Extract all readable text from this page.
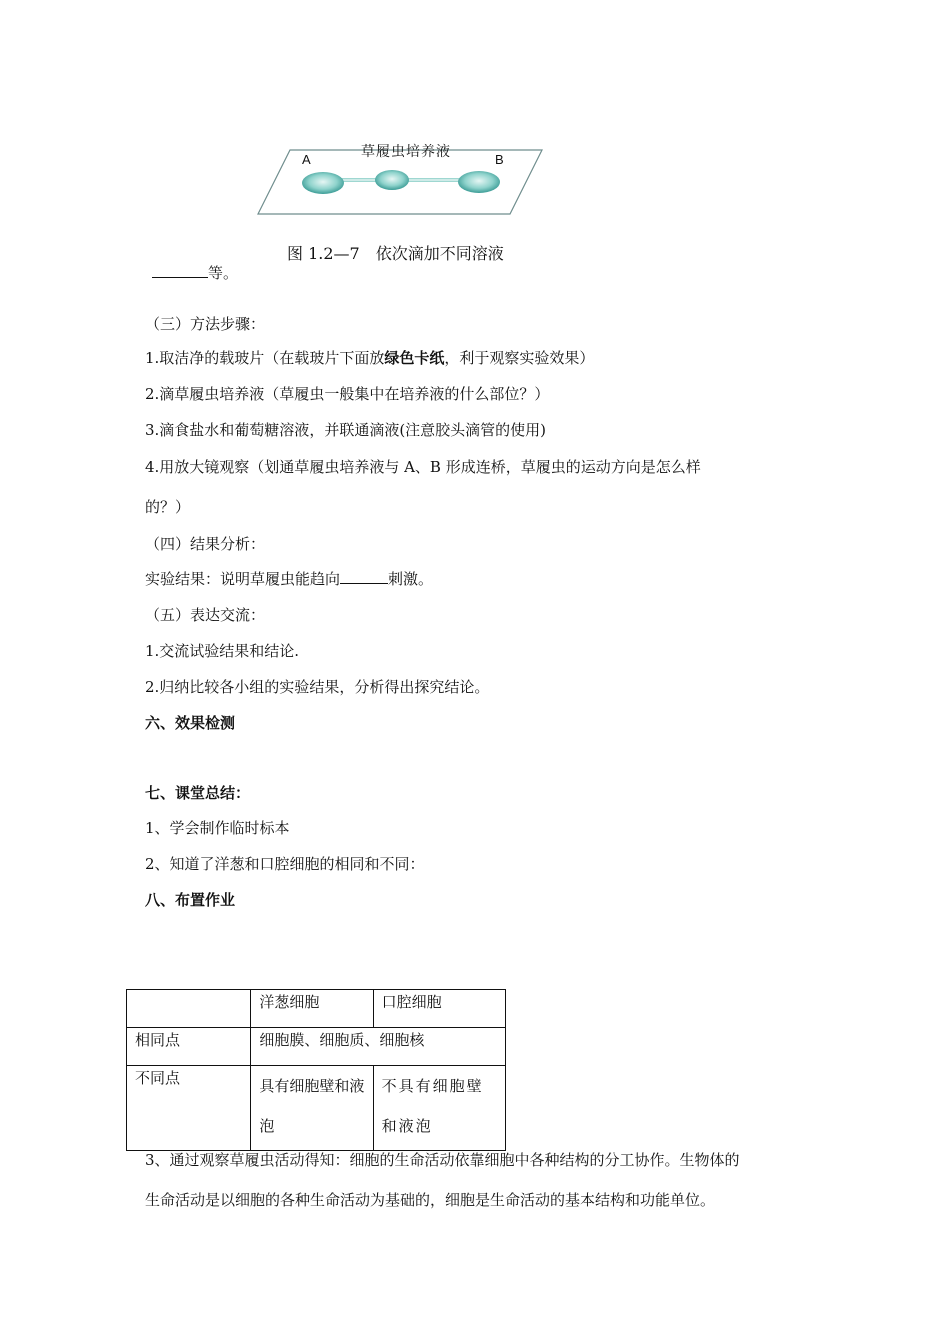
草履虫培养液
A	B
图 1.2—7　依次滴加不同溶液
等。
（三）方法步骤：
1.取洁净的载玻片（在载玻片下面放绿色卡纸，利于观察实验效果）
2.滴草履虫培养液（草履虫一般集中在培养液的什么部位？）
3.滴食盐水和葡萄糖溶液，并联通滴液(注意胶头滴管的使用)
4.用放大镜观察（划通草履虫培养液与 A、B 形成连桥，草履虫的运动方向是怎么样
的？）
（四）结果分析：
实验结果：说明草履虫能趋向	刺激。
（五）表达交流：
1.交流试验结果和结论.
2.归纳比较各小组的实验结果，分析得出探究结论。
六、效果检测
七、课堂总结：
1、学会制作临时标本
2、知道了洋葱和口腔细胞的相同和不同：
八、布置作业
	洋葱细胞	口腔细胞
相同点	细胞膜、细胞质、细胞核	
不同点	具有细胞壁和液泡	不具有细胞壁和液泡
3、通过观察草履虫活动得知：细胞的生命活动依靠细胞中各种结构的分工协作。生物体的
生命活动是以细胞的各种生命活动为基础的，细胞是生命活动的基本结构和功能单位。
